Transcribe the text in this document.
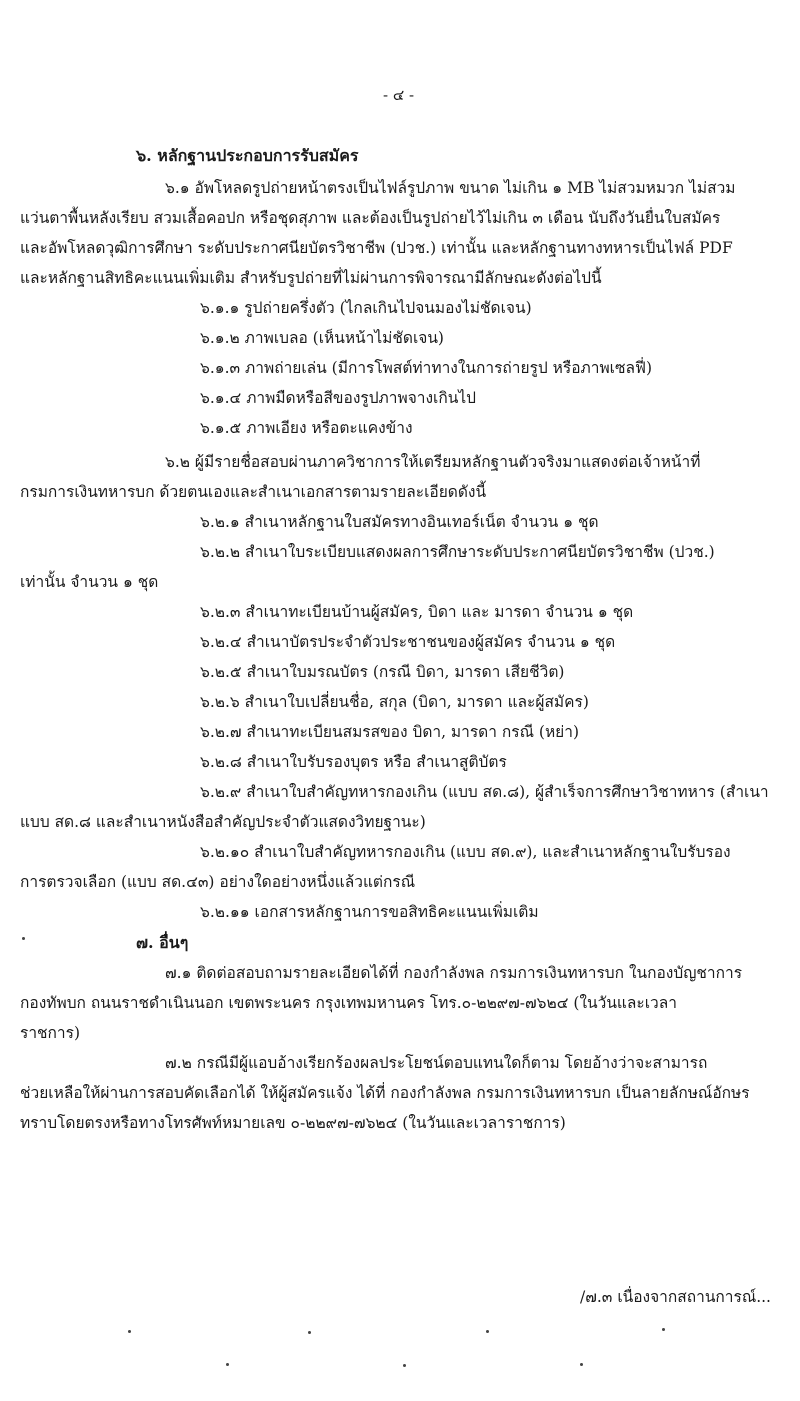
- ๔ -
๖. หลักฐานประกอบการรับสมัคร
๖.๑ อัพโหลดรูปถ่ายหน้าตรงเป็นไฟล์รูปภาพ ขนาด ไม่เกิน ๑ MB ไม่สวมหมวก ไม่สวม
แว่นตาพื้นหลังเรียบ สวมเสื้อคอปก หรือชุดสุภาพ และต้องเป็นรูปถ่ายไว้ไม่เกิน ๓ เดือน นับถึงวันยื่นใบสมัคร
และอัพโหลดวุฒิการศึกษา ระดับประกาศนียบัตรวิชาชีพ (ปวช.) เท่านั้น และหลักฐานทางทหารเป็นไฟล์ PDF
และหลักฐานสิทธิคะแนนเพิ่มเติม สำหรับรูปถ่ายที่ไม่ผ่านการพิจารณามีลักษณะดังต่อไปนี้
๖.๑.๑ รูปถ่ายครึ่งตัว (ไกลเกินไปจนมองไม่ชัดเจน)
๖.๑.๒ ภาพเบลอ (เห็นหน้าไม่ชัดเจน)
๖.๑.๓ ภาพถ่ายเล่น (มีการโพสต์ท่าทางในการถ่ายรูป หรือภาพเซลฟี่)
๖.๑.๔ ภาพมืดหรือสีของรูปภาพจางเกินไป
๖.๑.๕ ภาพเอียง หรือตะแคงข้าง
๖.๒ ผู้มีรายชื่อสอบผ่านภาควิชาการให้เตรียมหลักฐานตัวจริงมาแสดงต่อเจ้าหน้าที่
กรมการเงินทหารบก ด้วยตนเองและสำเนาเอกสารตามรายละเอียดดังนี้
๖.๒.๑ สำเนาหลักฐานใบสมัครทางอินเทอร์เน็ต จำนวน ๑ ชุด
๖.๒.๒ สำเนาใบระเบียบแสดงผลการศึกษาระดับประกาศนียบัตรวิชาชีพ (ปวช.)
เท่านั้น จำนวน ๑ ชุด
๖.๒.๓ สำเนาทะเบียนบ้านผู้สมัคร, บิดา และ มารดา จำนวน ๑ ชุด
๖.๒.๔ สำเนาบัตรประจำตัวประชาชนของผู้สมัคร จำนวน ๑ ชุด
๖.๒.๕ สำเนาใบมรณบัตร (กรณี บิดา, มารดา เสียชีวิต)
๖.๒.๖ สำเนาใบเปลี่ยนชื่อ, สกุล (บิดา, มารดา และผู้สมัคร)
๖.๒.๗ สำเนาทะเบียนสมรสของ บิดา, มารดา กรณี (หย่า)
๖.๒.๘ สำเนาใบรับรองบุตร หรือ สำเนาสูติบัตร
๖.๒.๙ สำเนาใบสำคัญทหารกองเกิน (แบบ สด.๘), ผู้สำเร็จการศึกษาวิชาทหาร (สำเนา
แบบ สด.๘ และสำเนาหนังสือสำคัญประจำตัวแสดงวิทยฐานะ)
๖.๒.๑๐ สำเนาใบสำคัญทหารกองเกิน (แบบ สด.๙), และสำเนาหลักฐานใบรับรอง
การตรวจเลือก (แบบ สด.๔๓) อย่างใดอย่างหนึ่งแล้วแต่กรณี
๖.๒.๑๑ เอกสารหลักฐานการขอสิทธิคะแนนเพิ่มเติม
๗. อื่นๆ
๗.๑ ติดต่อสอบถามรายละเอียดได้ที่ กองกำลังพล กรมการเงินทหารบก ในกองบัญชาการ
กองทัพบก ถนนราชดำเนินนอก เขตพระนคร กรุงเทพมหานคร โทร.๐-๒๒๙๗-๗๖๒๔ (ในวันและเวลา
ราชการ)
๗.๒ กรณีมีผู้แอบอ้างเรียกร้องผลประโยชน์ตอบแทนใดก็ตาม โดยอ้างว่าจะสามารถ
ช่วยเหลือให้ผ่านการสอบคัดเลือกได้ ให้ผู้สมัครแจ้ง ได้ที่ กองกำลังพล กรมการเงินทหารบก เป็นลายลักษณ์อักษร
ทราบโดยตรงหรือทางโทรศัพท์หมายเลข ๐-๒๒๙๗-๗๖๒๔ (ในวันและเวลาราชการ)
/๗.๓ เนื่องจากสถานการณ์...
